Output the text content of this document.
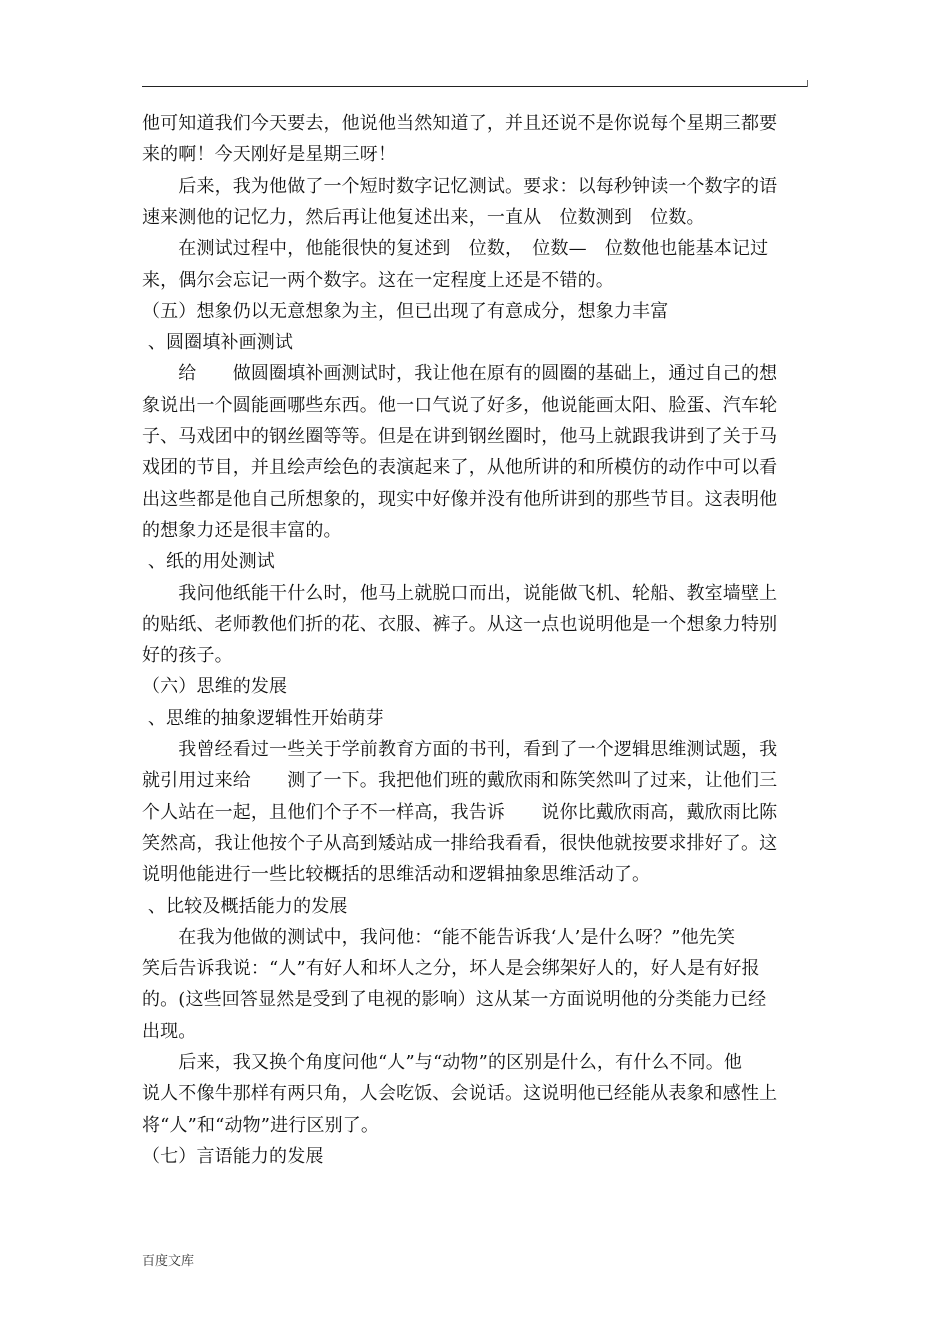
他可知道我们今天要去，他说他当然知道了，并且还说不是你说每个星期三都要
来的啊！今天刚好是星期三呀！
　　后来，我为他做了一个短时数字记忆测试。要求：以每秒钟读一个数字的语
速来测他的记忆力，然后再让他复述出来，一直从　位数测到　位数。
　　在测试过程中，他能很快的复述到　位数，　位数—　位数他也能基本记过
来，偶尔会忘记一两个数字。这在一定程度上还是不错的。
（五）想象仍以无意想象为主，但已出现了有意成分，想象力丰富
、圆圈填补画测试
　　给　　做圆圈填补画测试时，我让他在原有的圆圈的基础上，通过自己的想
象说出一个圆能画哪些东西。他一口气说了好多，他说能画太阳、脸蛋、汽车轮
子、马戏团中的钢丝圈等等。但是在讲到钢丝圈时，他马上就跟我讲到了关于马
戏团的节目，并且绘声绘色的表演起来了，从他所讲的和所模仿的动作中可以看
出这些都是他自己所想象的，现实中好像并没有他所讲到的那些节目。这表明他
的想象力还是很丰富的。
、纸的用处测试
　　我问他纸能干什么时，他马上就脱口而出，说能做飞机、轮船、教室墙壁上
的贴纸、老师教他们折的花、衣服、裤子。从这一点也说明他是一个想象力特别
好的孩子。
（六）思维的发展
、思维的抽象逻辑性开始萌芽
　　我曾经看过一些关于学前教育方面的书刊，看到了一个逻辑思维测试题，我
就引用过来给　　测了一下。我把他们班的戴欣雨和陈笑然叫了过来，让他们三
个人站在一起，且他们个子不一样高，我告诉　　说你比戴欣雨高，戴欣雨比陈
笑然高，我让他按个子从高到矮站成一排给我看看，很快他就按要求排好了。这
说明他能进行一些比较概括的思维活动和逻辑抽象思维活动了。
、比较及概括能力的发展
　　在我为他做的测试中，我问他：“能不能告诉我‘人’是什么呀？”他先笑
笑后告诉我说：“人”有好人和坏人之分，坏人是会绑架好人的，好人是有好报
的。(这些回答显然是受到了电视的影响）这从某一方面说明他的分类能力已经
出现。
　　后来，我又换个角度问他“人”与“动物”的区别是什么，有什么不同。他
说人不像牛那样有两只角，人会吃饭、会说话。这说明他已经能从表象和感性上
将“人”和“动物”进行区别了。
（七）言语能力的发展
百度文库
